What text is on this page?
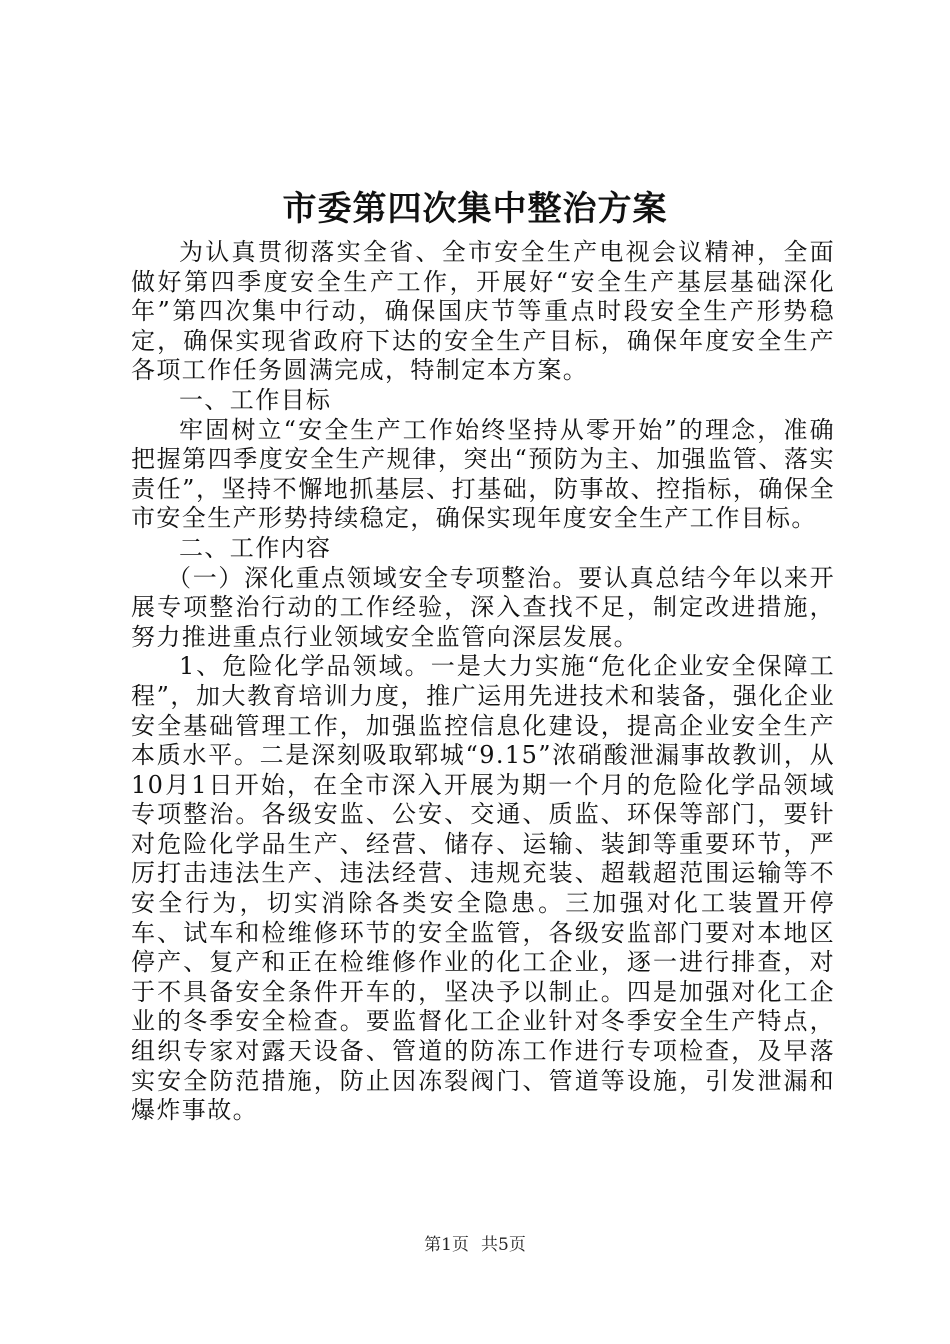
市委第四次集中整治方案

为认真贯彻落实全省、全市安全生产电视会议精神，全面做好第四季度安全生产工作，开展好“安全生产基层基础深化年”第四次集中行动，确保国庆节等重点时段安全生产形势稳定，确保实现省政府下达的安全生产目标，确保年度安全生产各项工作任务圆满完成，特制定本方案。

一、工作目标

牢固树立“安全生产工作始终坚持从零开始”的理念，准确把握第四季度安全生产规律，突出“预防为主、加强监管、落实责任”，坚持不懈地抓基层、打基础，防事故、控指标，确保全市安全生产形势持续稳定，确保实现年度安全生产工作目标。

二、工作内容

（一）深化重点领域安全专项整治。要认真总结今年以来开展专项整治行动的工作经验，深入查找不足，制定改进措施，努力推进重点行业领域安全监管向深层发展。

1、危险化学品领域。一是大力实施“危化企业安全保障工程”，加大教育培训力度，推广运用先进技术和装备，强化企业安全基础管理工作，加强监控信息化建设，提高企业安全生产本质水平。二是深刻吸取郓城“9.15”浓硝酸泄漏事故教训，从10月1日开始，在全市深入开展为期一个月的危险化学品领域专项整治。各级安监、公安、交通、质监、环保等部门，要针对危险化学品生产、经营、储存、运输、装卸等重要环节，严厉打击违法生产、违法经营、违规充装、超载超范围运输等不安全行为，切实消除各类安全隐患。三加强对化工装置开停车、试车和检维修环节的安全监管，各级安监部门要对本地区停产、复产和正在检维修作业的化工企业，逐一进行排查，对于不具备安全条件开车的，坚决予以制止。四是加强对化工企业的冬季安全检查。要监督化工企业针对冬季安全生产特点，组织专家对露天设备、管道的防冻工作进行专项检查，及早落实安全防范措施，防止因冻裂阀门、管道等设施，引发泄漏和爆炸事故。

第1页 共5页
